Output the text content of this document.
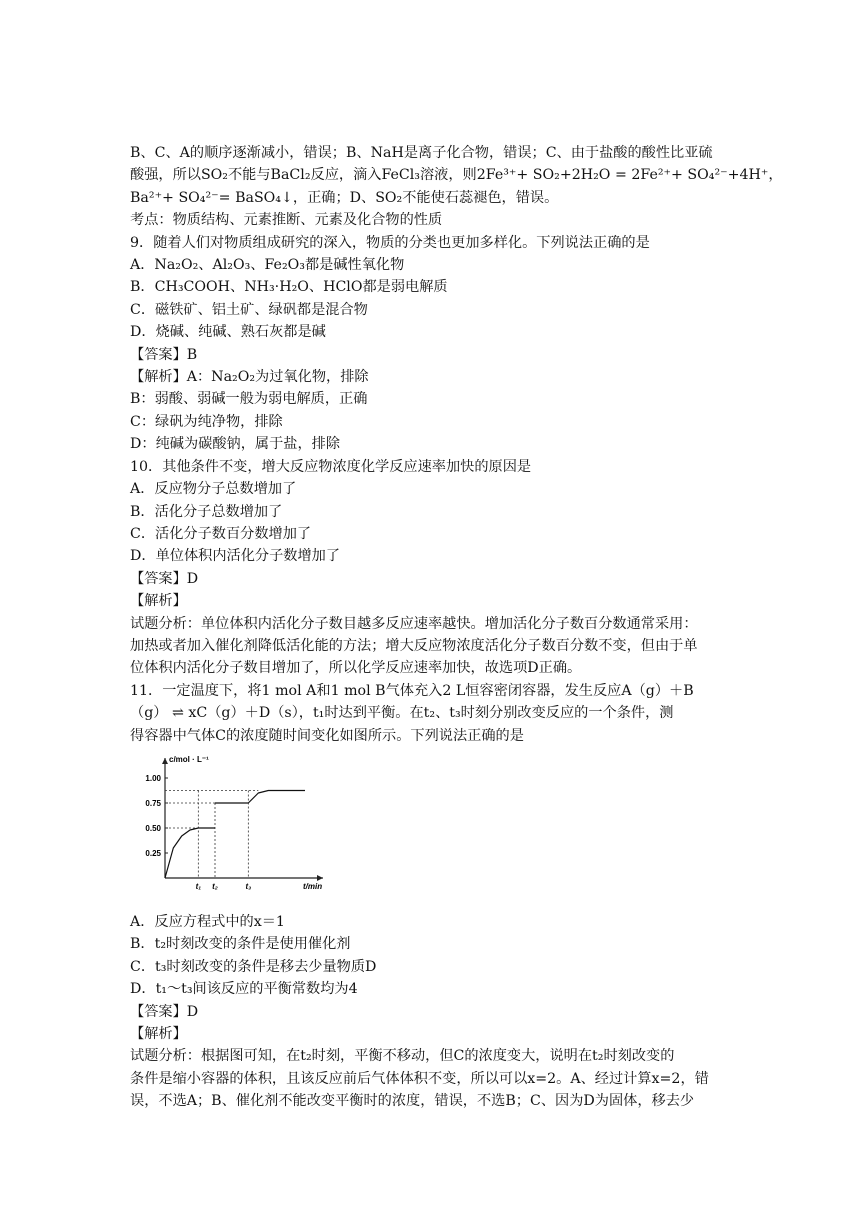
B、C、A的顺序逐渐减小，错误；B、NaH是离子化合物，错误；C、由于盐酸的酸性比亚硫
酸强，所以SO₂不能与BaCl₂反应，滴入FeCl₃溶液，则2Fe³⁺+ SO₂+2H₂O = 2Fe²⁺+ SO₄²⁻+4H⁺，
Ba²⁺+ SO₄²⁻= BaSO₄↓，正确；D、SO₂不能使石蕊褪色，错误。
考点：物质结构、元素推断、元素及化合物的性质
9．随着人们对物质组成研究的深入，物质的分类也更加多样化。下列说法正确的是
A．Na₂O₂、Al₂O₃、Fe₂O₃都是碱性氧化物
B．CH₃COOH、NH₃·H₂O、HClO都是弱电解质
C．磁铁矿、铝土矿、绿矾都是混合物
D．烧碱、纯碱、熟石灰都是碱
【答案】B
【解析】A：Na₂O₂为过氧化物，排除
B：弱酸、弱碱一般为弱电解质，正确
C：绿矾为纯净物，排除
D：纯碱为碳酸钠，属于盐，排除
10．其他条件不变，增大反应物浓度化学反应速率加快的原因是
A．反应物分子总数增加了
B．活化分子总数增加了
C．活化分子数百分数增加了
D．单位体积内活化分子数增加了
【答案】D
【解析】
试题分析：单位体积内活化分子数目越多反应速率越快。增加活化分子数百分数通常采用：
加热或者加入催化剂降低活化能的方法；增大反应物浓度活化分子数百分数不变，但由于单
位体积内活化分子数目增加了，所以化学反应速率加快，故选项D正确。
11．一定温度下，将1 mol A和1 mol B气体充入2 L恒容密闭容器，发生反应A（g）＋B
（g） ⇌ xC（g）＋D（s），t₁时达到平衡。在t₂、t₃时刻分别改变反应的一个条件，测
得容器中气体C的浓度随时间变化如图所示。下列说法正确的是
c/mol · L⁻¹
t/min
1.00
0.75
0.50
0.25
t₁ t₂	t₃
A．反应方程式中的x＝1
B．t₂时刻改变的条件是使用催化剂
C．t₃时刻改变的条件是移去少量物质D
D．t₁～t₃间该反应的平衡常数均为4
【答案】D
【解析】
试题分析：根据图可知，在t₂时刻，平衡不移动，但C的浓度变大，说明在t₂时刻改变的
条件是缩小容器的体积，且该反应前后气体体积不变，所以可以x=2。A、经过计算x=2，错
误，不选A；B、催化剂不能改变平衡时的浓度，错误，不选B；C、因为D为固体，移去少
